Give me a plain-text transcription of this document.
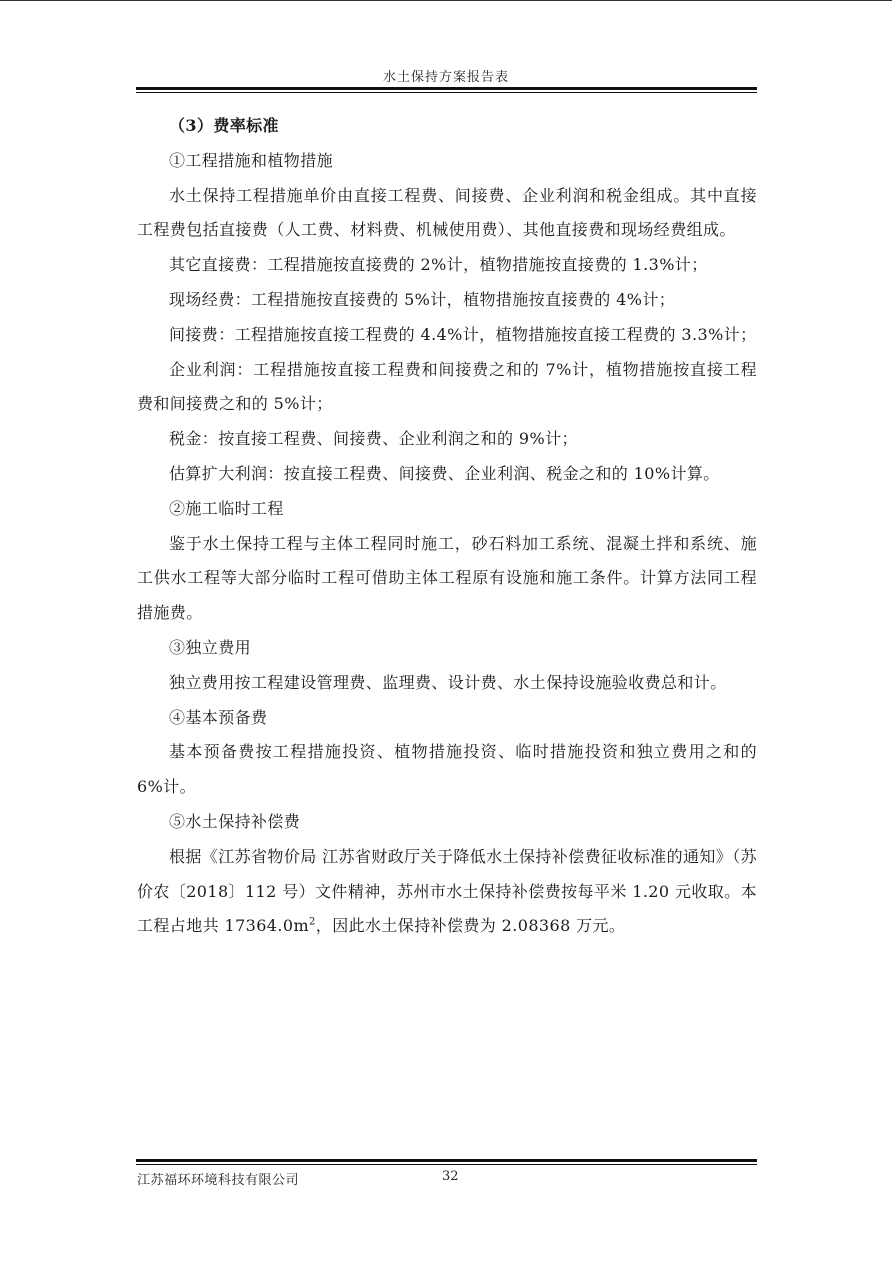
水土保持方案报告表

（3）费率标准

①工程措施和植物措施

水土保持工程措施单价由直接工程费、间接费、企业利润和税金组成。其中直接工程费包括直接费（人工费、材料费、机械使用费）、其他直接费和现场经费组成。

其它直接费：工程措施按直接费的 2%计，植物措施按直接费的 1.3%计；

现场经费：工程措施按直接费的 5%计，植物措施按直接费的 4%计；

间接费：工程措施按直接工程费的 4.4%计，植物措施按直接工程费的 3.3%计；

企业利润：工程措施按直接工程费和间接费之和的 7%计，植物措施按直接工程费和间接费之和的 5%计；

税金：按直接工程费、间接费、企业利润之和的 9%计；

估算扩大利润：按直接工程费、间接费、企业利润、税金之和的 10%计算。

②施工临时工程

鉴于水土保持工程与主体工程同时施工，砂石料加工系统、混凝土拌和系统、施工供水工程等大部分临时工程可借助主体工程原有设施和施工条件。计算方法同工程措施费。

③独立费用

独立费用按工程建设管理费、监理费、设计费、水土保持设施验收费总和计。

④基本预备费

基本预备费按工程措施投资、植物措施投资、临时措施投资和独立费用之和的 6%计。

⑤水土保持补偿费

根据《江苏省物价局 江苏省财政厅关于降低水土保持补偿费征收标准的通知》（苏价农〔2018〕112 号）文件精神，苏州市水土保持补偿费按每平米 1.20 元收取。本工程占地共 $17364.0m^2$，因此水土保持补偿费为 2.08368 万元。

江苏福环环境科技有限公司	32
